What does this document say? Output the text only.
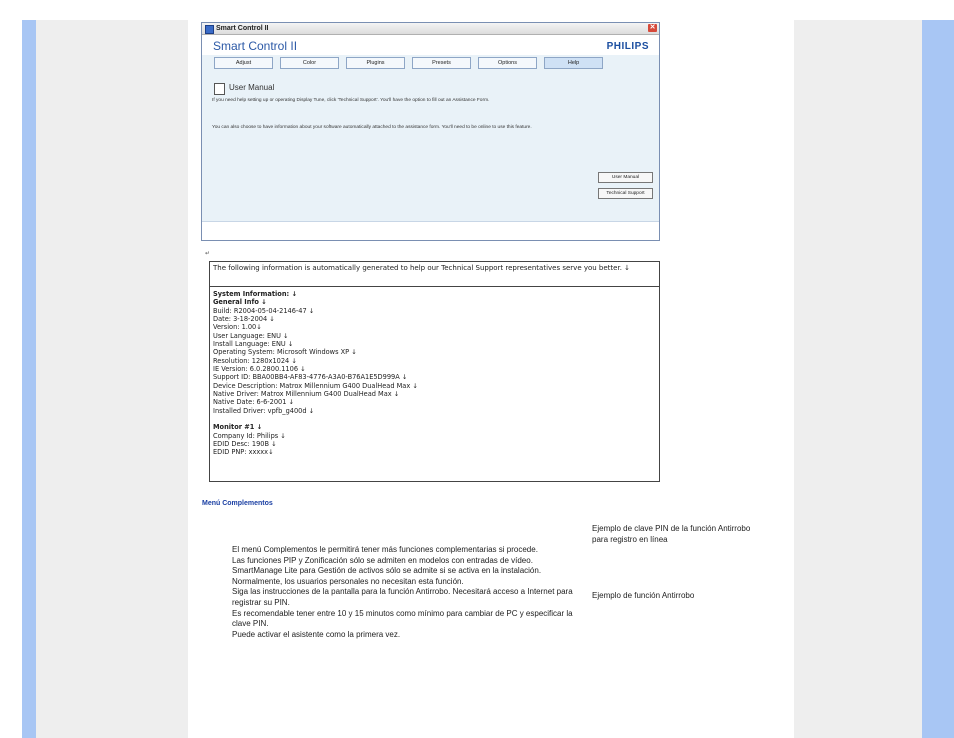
Smart Control II	✕
Smart Control II	PHILIPS
Adjust	Color	Plugins	Presets	Options	Help
User Manual
If you need help setting up or operating Display Tune, click 'Technical Support'. You'll have the option to fill out an Assistance Form.
You can also choose to have information about your software automatically attached to the assistance form. You'll need to be online to use this feature.
User Manual
Technical Support
↵
The following information is automatically generated to help our Technical Support representatives serve you better. ↓
System Information: ↓
General Info ↓
Build: R2004-05-04-2146-47 ↓
Date: 3-18-2004 ↓
Version: 1.00↓
User Language: ENU ↓
Install Language: ENU ↓
Operating System: Microsoft Windows XP ↓
Resolution: 1280x1024 ↓
IE Version: 6.0.2800.1106 ↓
Support ID: BBA00BB4-AF83-4776-A3A0-B76A1E5D999A ↓
Device Description: Matrox Millennium G400 DualHead Max ↓
Native Driver: Matrox Millennium G400 DualHead Max ↓
Native Date: 6-6-2001 ↓
Installed Driver: vpfb_g400d ↓
Monitor #1 ↓
Company Id: Philips ↓
EDID Desc: 190B ↓
EDID PNP: xxxxx↓
Menú Complementos

El menú Complementos le permitirá tener más funciones complementarias si procede.

Las funciones PIP y Zonificación sólo se admiten en modelos con entradas de vídeo.

SmartManage Lite para Gestión de activos sólo se admite si se activa en la instalación. Normalmente, los usuarios personales no necesitan esta función.

Siga las instrucciones de la pantalla para la función Antirrobo. Necesitará acceso a Internet para registrar su PIN.

Es recomendable tener entre 10 y 15 minutos como mínimo para cambiar de PC y especificar la clave PIN.

Puede activar el asistente como la primera vez.

Ejemplo de clave PIN de la función Antirrobo para registro en línea
Ejemplo de función Antirrobo
